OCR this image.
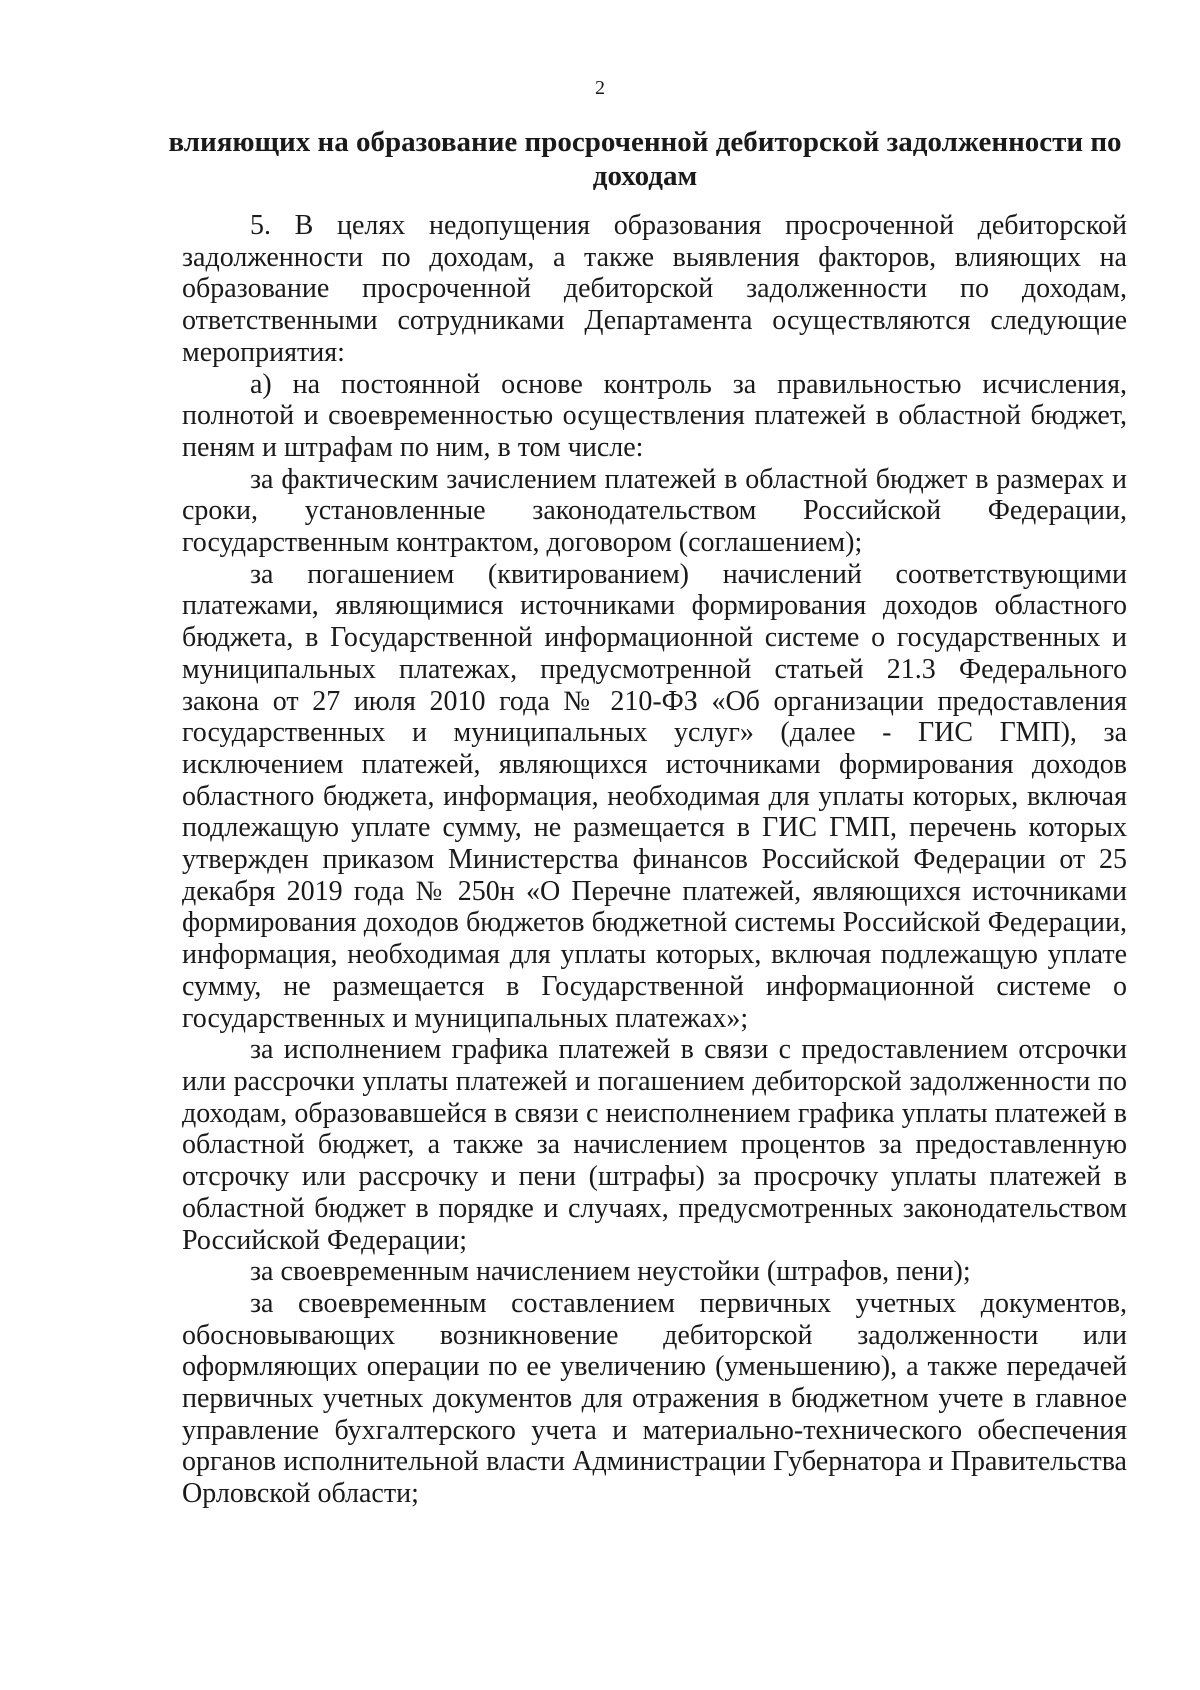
2
влияющих на образование просроченной дебиторской задолженности по доходам

5. В целях недопущения образования просроченной дебиторской задолженности по доходам, а также выявления факторов, влияющих на образование просроченной дебиторской задолженности по доходам, ответственными сотрудниками Департамента осуществляются следующие мероприятия:

а) на постоянной основе контроль за правильностью исчисления, полнотой и своевременностью осуществления платежей в областной бюджет, пеням и штрафам по ним, в том числе:

за фактическим зачислением платежей в областной бюджет в размерах и сроки, установленные законодательством Российской Федерации, государственным контрактом, договором (соглашением);

за погашением (квитированием) начислений соответствующими платежами, являющимися источниками формирования доходов областного бюджета, в Государственной информационной системе о государственных и муниципальных платежах, предусмотренной статьей 21.3 Федерального закона от 27 июля 2010 года № 210-ФЗ «Об организации предоставления государственных и муниципальных услуг» (далее - ГИС ГМП), за исключением платежей, являющихся источниками формирования доходов областного бюджета, информация, необходимая для уплаты которых, включая подлежащую уплате сумму, не размещается в ГИС ГМП, перечень которых утвержден приказом Министерства финансов Российской Федерации от 25 декабря 2019 года № 250н «О Перечне платежей, являющихся источниками формирования доходов бюджетов бюджетной системы Российской Федерации, информация, необходимая для уплаты которых, включая подлежащую уплате сумму, не размещается в Государственной информационной системе о государственных и муниципальных платежах»;

за исполнением графика платежей в связи с предоставлением отсрочки или рассрочки уплаты платежей и погашением дебиторской задолженности по доходам, образовавшейся в связи с неисполнением графика уплаты платежей в областной бюджет, а также за начислением процентов за предоставленную отсрочку или рассрочку и пени (штрафы) за просрочку уплаты платежей в областной бюджет в порядке и случаях, предусмотренных законодательством Российской Федерации;

за своевременным начислением неустойки (штрафов, пени);

за своевременным составлением первичных учетных документов, обосновывающих возникновение дебиторской задолженности или оформляющих операции по ее увеличению (уменьшению), а также передачей первичных учетных документов для отражения в бюджетном учете в главное управление бухгалтерского учета и материально-технического обеспечения органов исполнительной власти Администрации Губернатора и Правительства Орловской области;
